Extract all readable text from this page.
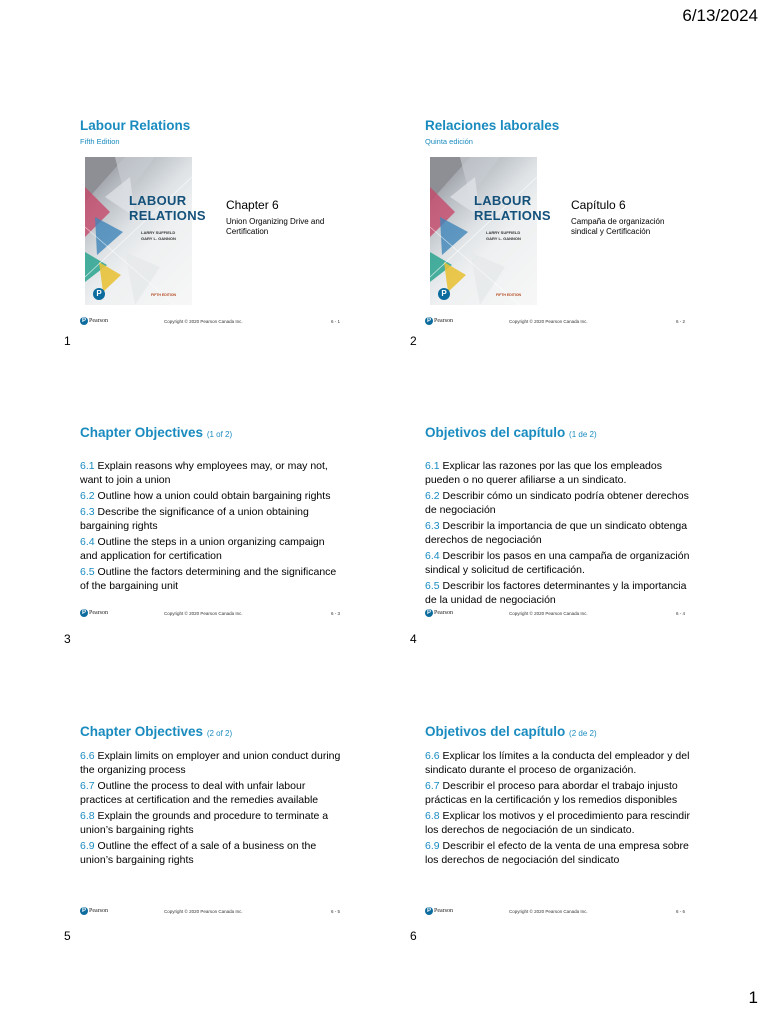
6/13/2024
Labour Relations
Fifth Edition
LABOUR
RELATIONS
LARRY SUFFIELD
GARY L. GANNON
P	FIFTH EDITION
Chapter 6
Union Organizing Drive and Certification
P Pearson	Copyright © 2020 Pearson Canada Inc.	6 - 1
1
Relaciones laborales
Quinta edición
LABOUR
RELATIONS
LARRY SUFFIELD
GARY L. GANNON
P	FIFTH EDITION
Capítulo 6
Campaña de organización sindical y Certificación
P Pearson	Copyright © 2020 Pearson Canada Inc.	6 - 2
2
Chapter Objectives (1 of 2)

6.1 Explain reasons why employees may, or may not, want to join a union

6.2 Outline how a union could obtain bargaining rights

6.3 Describe the significance of a union obtaining bargaining rights

6.4 Outline the steps in a union organizing campaign and application for certification

6.5 Outline the factors determining and the significance of the bargaining unit

P Pearson	Copyright © 2020 Pearson Canada Inc.	6 - 3
3
Objetivos del capítulo (1 de 2)

6.1 Explicar las razones por las que los empleados pueden o no querer afiliarse a un sindicato.

6.2 Describir cómo un sindicato podría obtener derechos de negociación

6.3 Describir la importancia de que un sindicato obtenga derechos de negociación

6.4 Describir los pasos en una campaña de organización sindical y solicitud de certificación.

6.5 Describir los factores determinantes y la importancia de la unidad de negociación

P Pearson	Copyright © 2020 Pearson Canada Inc.	6 - 4
4
Chapter Objectives (2 of 2)

6.6 Explain limits on employer and union conduct during the organizing process

6.7 Outline the process to deal with unfair labour practices at certification and the remedies available

6.8 Explain the grounds and procedure to terminate a union’s bargaining rights

6.9 Outline the effect of a sale of a business on the union’s bargaining rights

P Pearson	Copyright © 2020 Pearson Canada Inc.	6 - 5
5
Objetivos del capítulo (2 de 2)

6.6 Explicar los límites a la conducta del empleador y del sindicato durante el proceso de organización.

6.7 Describir el proceso para abordar el trabajo injusto prácticas en la certificación y los remedios disponibles

6.8 Explicar los motivos y el procedimiento para rescindir los derechos de negociación de un sindicato.

6.9 Describir el efecto de la venta de una empresa sobre los derechos de negociación del sindicato

P Pearson	Copyright © 2020 Pearson Canada Inc.	6 - 6
6
1
